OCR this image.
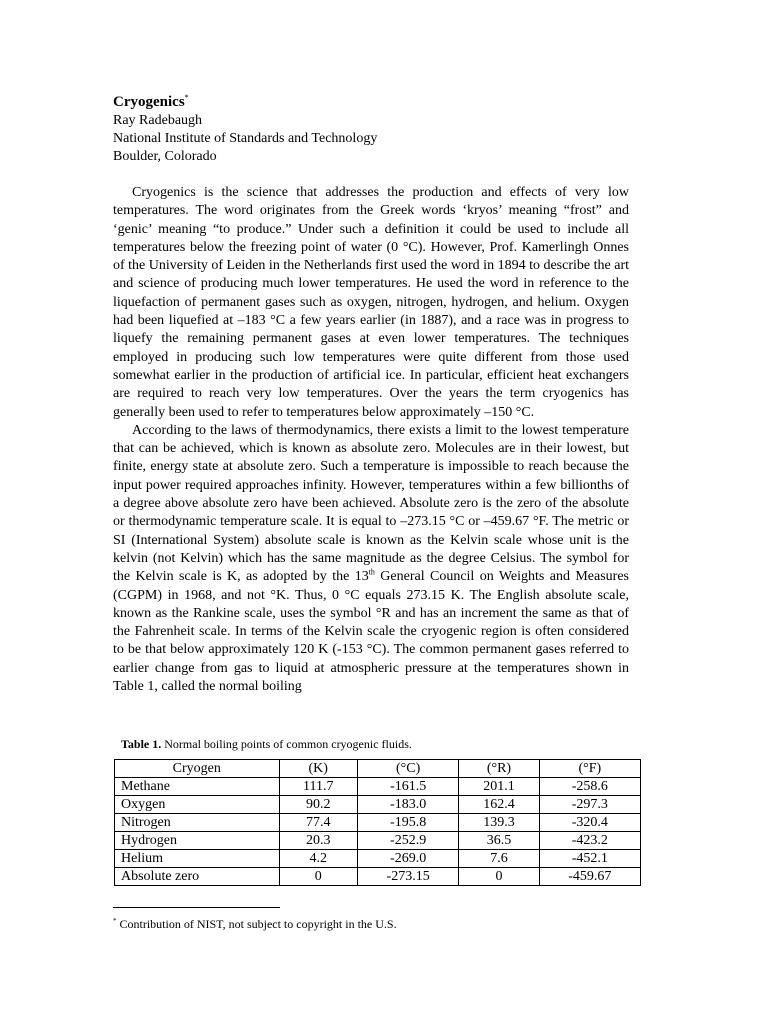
Cryogenics*

Ray Radebaugh

National Institute of Standards and Technology

Boulder, Colorado

Cryogenics is the science that addresses the production and effects of very low temperatures. The word originates from the Greek words ‘kryos’ meaning “frost” and ‘genic’ meaning “to produce.” Under such a definition it could be used to include all temperatures below the freezing point of water (0 °C). However, Prof. Kamerlingh Onnes of the University of Leiden in the Netherlands first used the word in 1894 to describe the art and science of producing much lower temperatures. He used the word in reference to the liquefaction of permanent gases such as oxygen, nitrogen, hydrogen, and helium. Oxygen had been liquefied at –183 °C a few years earlier (in 1887), and a race was in progress to liquefy the remaining permanent gases at even lower temperatures. The techniques employed in producing such low temperatures were quite different from those used somewhat earlier in the production of artificial ice. In particular, efficient heat exchangers are required to reach very low temperatures. Over the years the term cryogenics has generally been used to refer to temperatures below approximately –150 °C.

According to the laws of thermodynamics, there exists a limit to the lowest temperature that can be achieved, which is known as absolute zero. Molecules are in their lowest, but finite, energy state at absolute zero. Such a temperature is impossible to reach because the input power required approaches infinity. However, temperatures within a few billionths of a degree above absolute zero have been achieved. Absolute zero is the zero of the absolute or thermodynamic temperature scale. It is equal to –273.15 °C or –459.67 °F. The metric or SI (International System) absolute scale is known as the Kelvin scale whose unit is the kelvin (not Kelvin) which has the same magnitude as the degree Celsius. The symbol for the Kelvin scale is K, as adopted by the 13th General Council on Weights and Measures (CGPM) in 1968, and not °K. Thus, 0 °C equals 273.15 K. The English absolute scale, known as the Rankine scale, uses the symbol °R and has an increment the same as that of the Fahrenheit scale. In terms of the Kelvin scale the cryogenic region is often considered to be that below approximately 120 K (-153 °C). The common permanent gases referred to earlier change from gas to liquid at atmospheric pressure at the temperatures shown in Table 1, called the normal boiling

Table 1. Normal boiling points of common cryogenic fluids.
Cryogen	(K)	(°C)	(°R)	(°F)
Methane	111.7	-161.5	201.1	-258.6
Oxygen	90.2	-183.0	162.4	-297.3
Nitrogen	77.4	-195.8	139.3	-320.4
Hydrogen	20.3	-252.9	36.5	-423.2
Helium	4.2	-269.0	7.6	-452.1
Absolute zero	0	-273.15	0	-459.67
* Contribution of NIST, not subject to copyright in the U.S.
